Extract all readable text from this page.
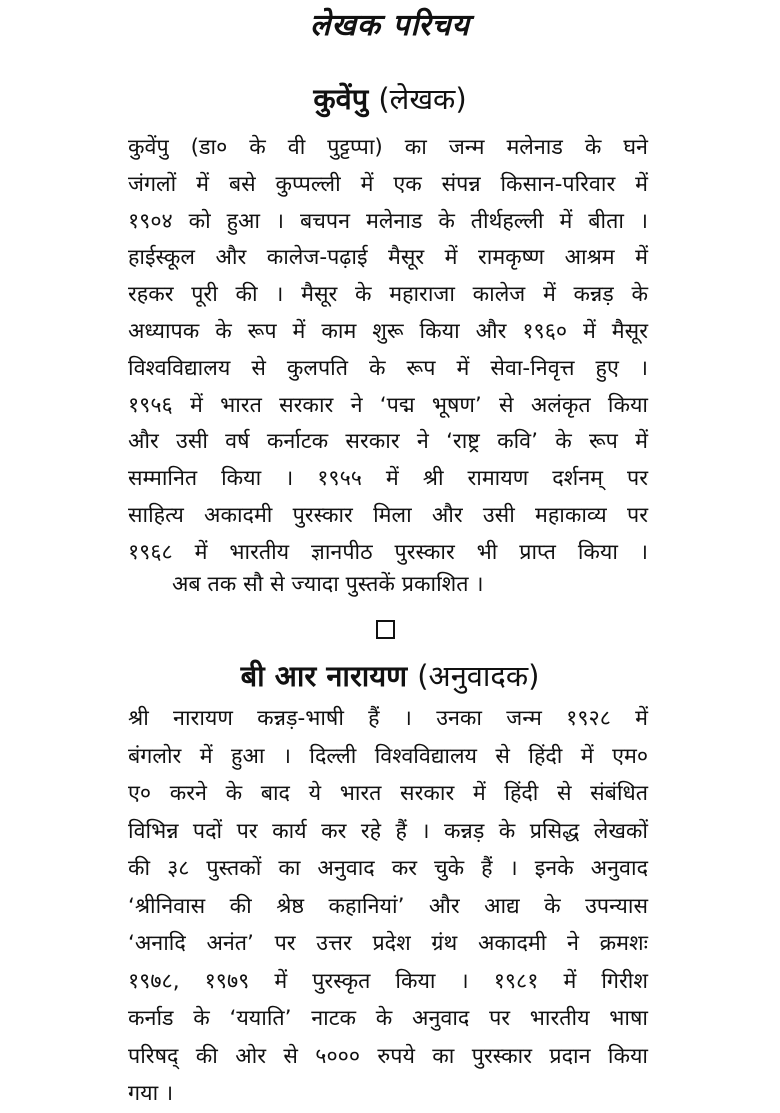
लेखक परिचय
कुवेंपु (लेखक)

कुवेंपु (डा० के वी पुट्टप्पा) का जन्म मलेनाड के घने
जंगलों में बसे कुप्पल्ली में एक संपन्न किसान-परिवार में
१९०४ को हुआ । बचपन मलेनाड के तीर्थहल्ली में बीता ।
हाईस्कूल और कालेज-पढ़ाई मैसूर में रामकृष्ण आश्रम में
रहकर पूरी की । मैसूर के महाराजा कालेज में कन्नड़ के
अध्यापक के रूप में काम शुरू किया और १९६० में मैसूर
विश्वविद्यालय से कुलपति के रूप में सेवा-निवृत्त हुए ।
१९५६ में भारत सरकार ने ‘पद्म भूषण’ से अलंकृत किया
और उसी वर्ष कर्नाटक सरकार ने ‘राष्ट्र कवि’ के रूप में
सम्मानित किया । १९५५ में श्री रामायण दर्शनम् पर
साहित्य अकादमी पुरस्कार मिला और उसी महाकाव्य पर
१९६८ में भारतीय ज्ञानपीठ पुरस्कार भी प्राप्त किया ।

अब तक सौ से ज्यादा पुस्तकें प्रकाशित ।

बी आर नारायण (अनुवादक)

श्री नारायण कन्नड़-भाषी हैं । उनका जन्म १९२८ में
बंगलोर में हुआ । दिल्ली विश्वविद्यालय से हिंदी में एम०
ए० करने के बाद ये भारत सरकार में हिंदी से संबंधित
विभिन्न पदों पर कार्य कर रहे हैं । कन्नड़ के प्रसिद्ध लेखकों
की ३८ पुस्तकों का अनुवाद कर चुके हैं । इनके अनुवाद
‘श्रीनिवास की श्रेष्ठ कहानियां’ और आद्य के उपन्यास
‘अनादि अनंत’ पर उत्तर प्रदेश ग्रंथ अकादमी ने क्रमशः
१९७८, १९७९ में पुरस्कृत किया । १९८१ में गिरीश
कर्नाड के ‘ययाति’ नाटक के अनुवाद पर भारतीय भाषा
परिषद् की ओर से ५००० रुपये का पुरस्कार प्रदान किया
गया ।
